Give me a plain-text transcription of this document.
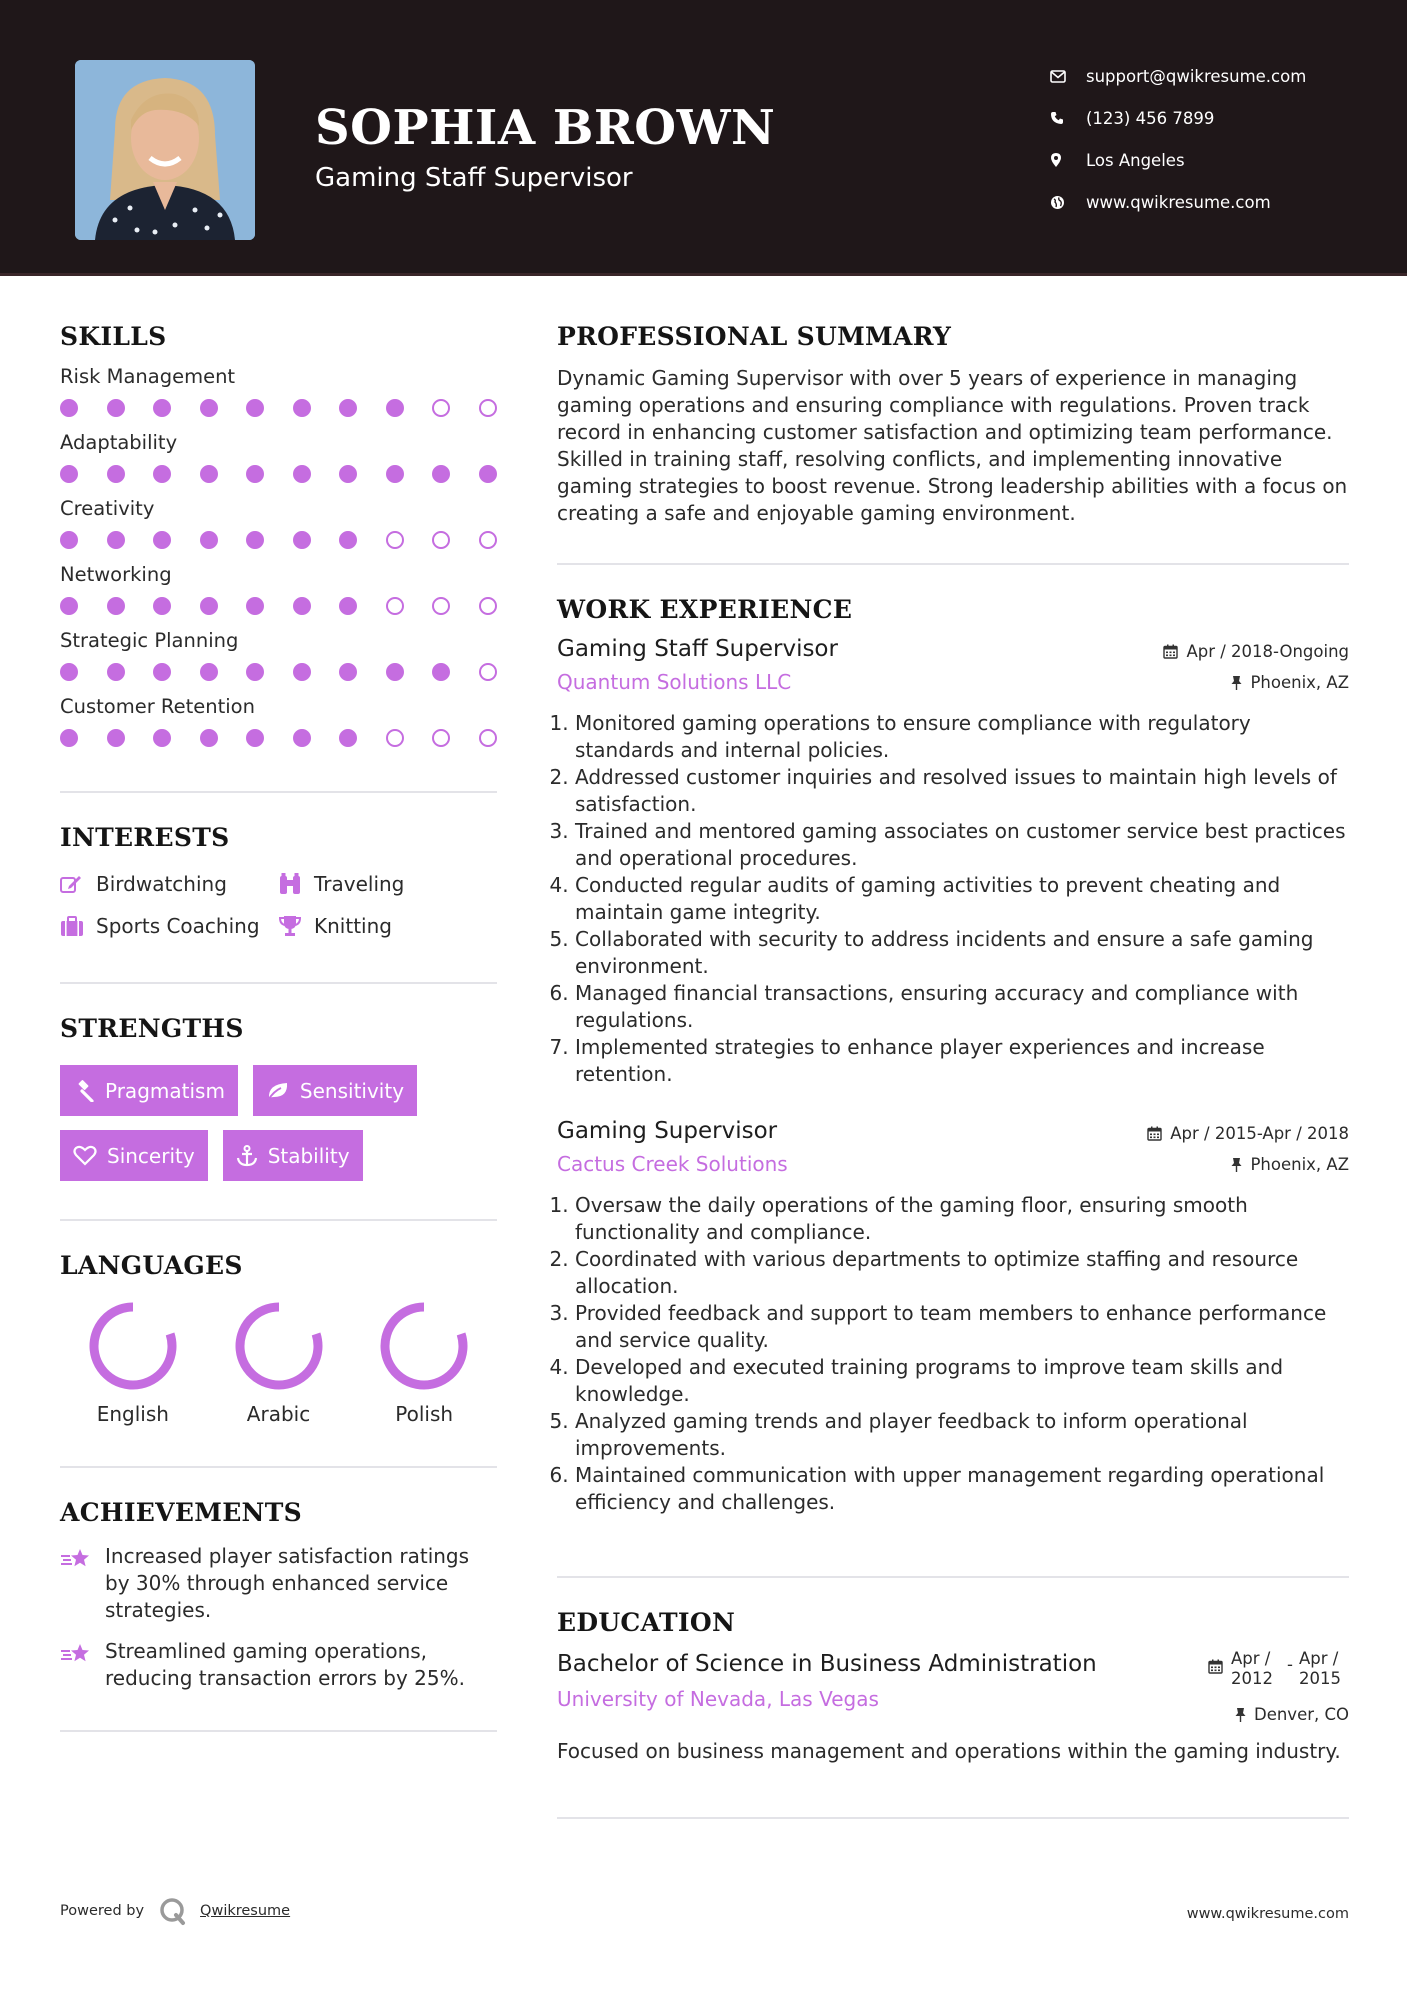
SOPHIA BROWN
Gaming Staff Supervisor
support@qwikresume.com
(123) 456 7899
Los Angeles
www.qwikresume.com
SKILLS
Risk Management
Adaptability
Creativity
Networking
Strategic Planning
Customer Retention
INTERESTS
Birdwatching	Traveling
Sports Coaching	Knitting
STRENGTHS
Pragmatism	Sensitivity
Sincerity	Stability
LANGUAGES
English	Arabic	Polish
ACHIEVEMENTS
Increased player satisfaction ratings by 30% through enhanced service strategies.
Streamlined gaming operations, reducing transaction errors by 25%.
PROFESSIONAL SUMMARY
Dynamic Gaming Supervisor with over 5 years of experience in managing gaming operations and ensuring compliance with regulations. Proven track record in enhancing customer satisfaction and optimizing team performance. Skilled in training staff, resolving conflicts, and implementing innovative gaming strategies to boost revenue. Strong leadership abilities with a focus on creating a safe and enjoyable gaming environment.
WORK EXPERIENCE
Gaming Staff Supervisor
Quantum Solutions LLC
Apr / 2018-Ongoing
Phoenix, AZ
1. Monitored gaming operations to ensure compliance with regulatory standards and internal policies.
2. Addressed customer inquiries and resolved issues to maintain high levels of satisfaction.
3. Trained and mentored gaming associates on customer service best practices and operational procedures.
4. Conducted regular audits of gaming activities to prevent cheating and maintain game integrity.
5. Collaborated with security to address incidents and ensure a safe gaming environment.
6. Managed financial transactions, ensuring accuracy and compliance with regulations.
7. Implemented strategies to enhance player experiences and increase retention.
Gaming Supervisor
Cactus Creek Solutions
Apr / 2015-Apr / 2018
Phoenix, AZ
1. Oversaw the daily operations of the gaming floor, ensuring smooth functionality and compliance.
2. Coordinated with various departments to optimize staffing and resource allocation.
3. Provided feedback and support to team members to enhance performance and service quality.
4. Developed and executed training programs to improve team skills and knowledge.
5. Analyzed gaming trends and player feedback to inform operational improvements.
6. Maintained communication with upper management regarding operational efficiency and challenges.
EDUCATION
Bachelor of Science in Business Administration
University of Nevada, Las Vegas
Apr / 2012
- Apr / 2015
Denver, CO
Focused on business management and operations within the gaming industry.
Powered by	Qwikresume	www.qwikresume.com
